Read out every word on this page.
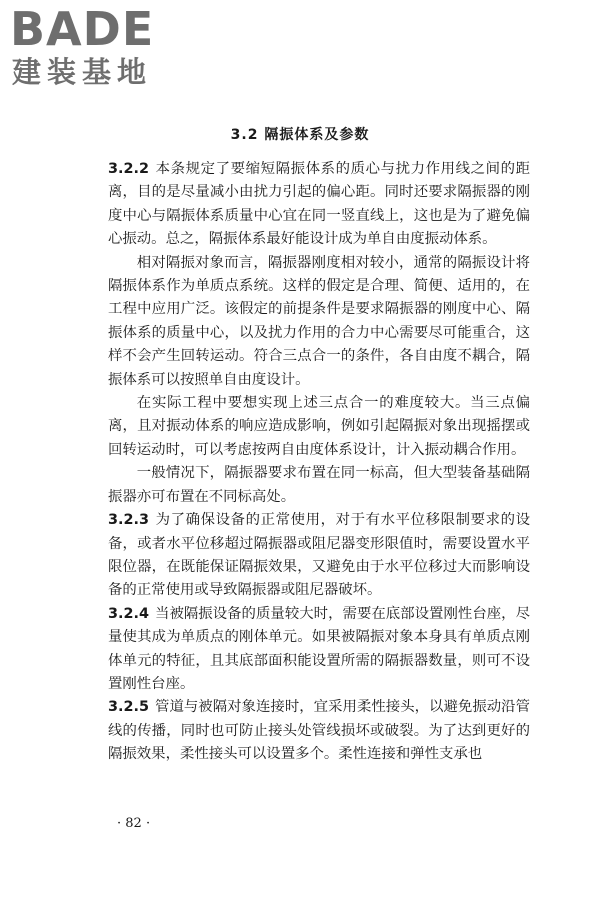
BADE
建装基地
3.2 隔振体系及参数

3.2.2 本条规定了要缩短隔振体系的质心与扰力作用线之间的距离，目的是尽量减小由扰力引起的偏心距。同时还要求隔振器的刚度中心与隔振体系质量中心宜在同一竖直线上，这也是为了避免偏心振动。总之，隔振体系最好能设计成为单自由度振动体系。

相对隔振对象而言，隔振器刚度相对较小，通常的隔振设计将隔振体系作为单质点系统。这样的假定是合理、简便、适用的，在工程中应用广泛。该假定的前提条件是要求隔振器的刚度中心、隔振体系的质量中心，以及扰力作用的合力中心需要尽可能重合，这样不会产生回转运动。符合三点合一的条件，各自由度不耦合，隔振体系可以按照单自由度设计。

在实际工程中要想实现上述三点合一的难度较大。当三点偏离，且对振动体系的响应造成影响，例如引起隔振对象出现摇摆或回转运动时，可以考虑按两自由度体系设计，计入振动耦合作用。

一般情况下，隔振器要求布置在同一标高，但大型装备基础隔振器亦可布置在不同标高处。

3.2.3 为了确保设备的正常使用，对于有水平位移限制要求的设备，或者水平位移超过隔振器或阻尼器变形限值时，需要设置水平限位器，在既能保证隔振效果，又避免由于水平位移过大而影响设备的正常使用或导致隔振器或阻尼器破坏。

3.2.4 当被隔振设备的质量较大时，需要在底部设置刚性台座，尽量使其成为单质点的刚体单元。如果被隔振对象本身具有单质点刚体单元的特征，且其底部面积能设置所需的隔振器数量，则可不设置刚性台座。

3.2.5 管道与被隔对象连接时，宜采用柔性接头，以避免振动沿管线的传播，同时也可防止接头处管线损坏或破裂。为了达到更好的隔振效果，柔性接头可以设置多个。柔性连接和弹性支承也

· 82 ·
